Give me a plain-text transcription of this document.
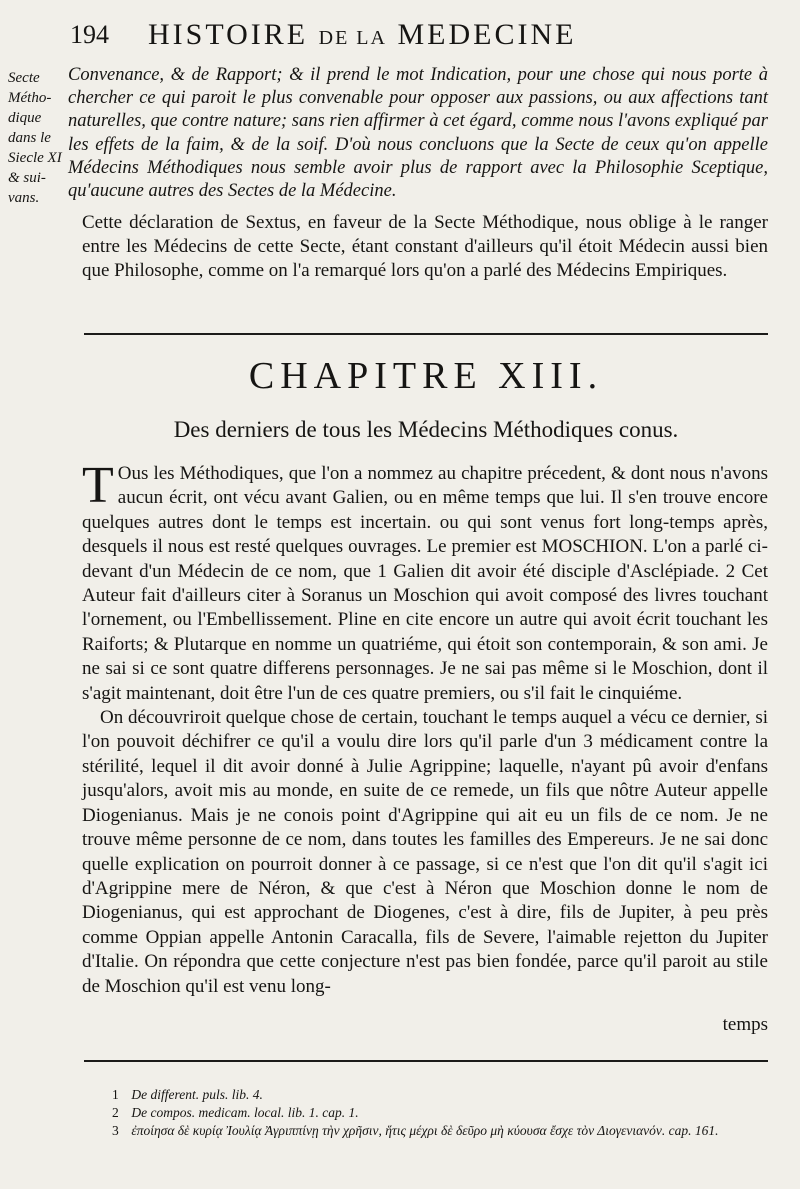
194 HISTOIRE DE LA MEDECINE
Secte Métho-dique dans le Siecle XI & sui-vans.
Convenance, & de Rapport; & il prend le mot Indication, pour une chose qui nous porte à chercher ce qui paroit le plus convenable pour opposer aux passions, ou aux affections tant naturelles, que contre nature; sans rien affirmer à cet égard, comme nous l'avons expliqué par les effets de la faim, & de la soif. D'où nous concluons que la Secte de ceux qu'on appelle Médecins Méthodiques nous semble avoir plus de rapport avec la Philosophie Sceptique, qu'aucune autres des Sectes de la Médecine.
Cette déclaration de Sextus, en faveur de la Secte Méthodique, nous oblige à le ranger entre les Médecins de cette Secte, étant constant d'ailleurs qu'il étoit Médecin aussi bien que Philosophe, comme on l'a remarqué lors qu'on a parlé des Médecins Empiriques.
CHAPITRE XIII.
Des derniers de tous les Médecins Méthodiques conus.

T Ous les Méthodiques, que l'on a nommez au chapitre précedent, & dont nous n'avons aucun écrit, ont vécu avant Galien, ou en même temps que lui. Il s'en trouve encore quelques autres dont le temps est incertain. ou qui sont venus fort long-temps après, desquels il nous est resté quelques ouvrages. Le premier est MOSCHION. L'on a parlé ci-devant d'un Médecin de ce nom, que 1 Galien dit avoir été disciple d'Asclépiade. 2 Cet Auteur fait d'ailleurs citer à Soranus un Moschion qui avoit composé des livres touchant l'ornement, ou l'Embellissement. Pline en cite encore un autre qui avoit écrit touchant les Raiforts; & Plutarque en nomme un quatriéme, qui étoit son contemporain, & son ami. Je ne sai si ce sont quatre differens personnages. Je ne sai pas même si le Moschion, dont il s'agit maintenant, doit être l'un de ces quatre premiers, ou s'il fait le cinquiéme.

On découvriroit quelque chose de certain, touchant le temps auquel a vécu ce dernier, si l'on pouvoit déchifrer ce qu'il a voulu dire lors qu'il parle d'un 3 médicament contre la stérilité, lequel il dit avoir donné à Julie Agrippine; laquelle, n'ayant pû avoir d'enfans jusqu'alors, avoit mis au monde, en suite de ce remede, un fils que nôtre Auteur appelle Diogenianus. Mais je ne conois point d'Agrippine qui ait eu un fils de ce nom. Je ne trouve même personne de ce nom, dans toutes les familles des Empereurs. Je ne sai donc quelle explication on pourroit donner à ce passage, si ce n'est que l'on dit qu'il s'agit ici d'Agrippine mere de Néron, & que c'est à Néron que Moschion donne le nom de Diogenianus, qui est approchant de Diogenes, c'est à dire, fils de Jupiter, à peu près comme Oppian appelle Antonin Caracalla, fils de Severe, l'aimable rejetton du Jupiter d'Italie. On répondra que cette conjecture n'est pas bien fondée, parce qu'il paroit au stile de Moschion qu'il est venu long-

temps
1 De different. puls. lib. 4.
2 De compos. medicam. local. lib. 1. cap. 1.
3 ἐποίησα δὲ κυρίᾳ Ἰουλίᾳ Ἀγριππίνῃ τὴν χρῆσιν, ἥτις μέχρι δὲ δεῦρο μὴ κύουσα ἔσχε τὸν Διογενιανόν. cap. 161.
